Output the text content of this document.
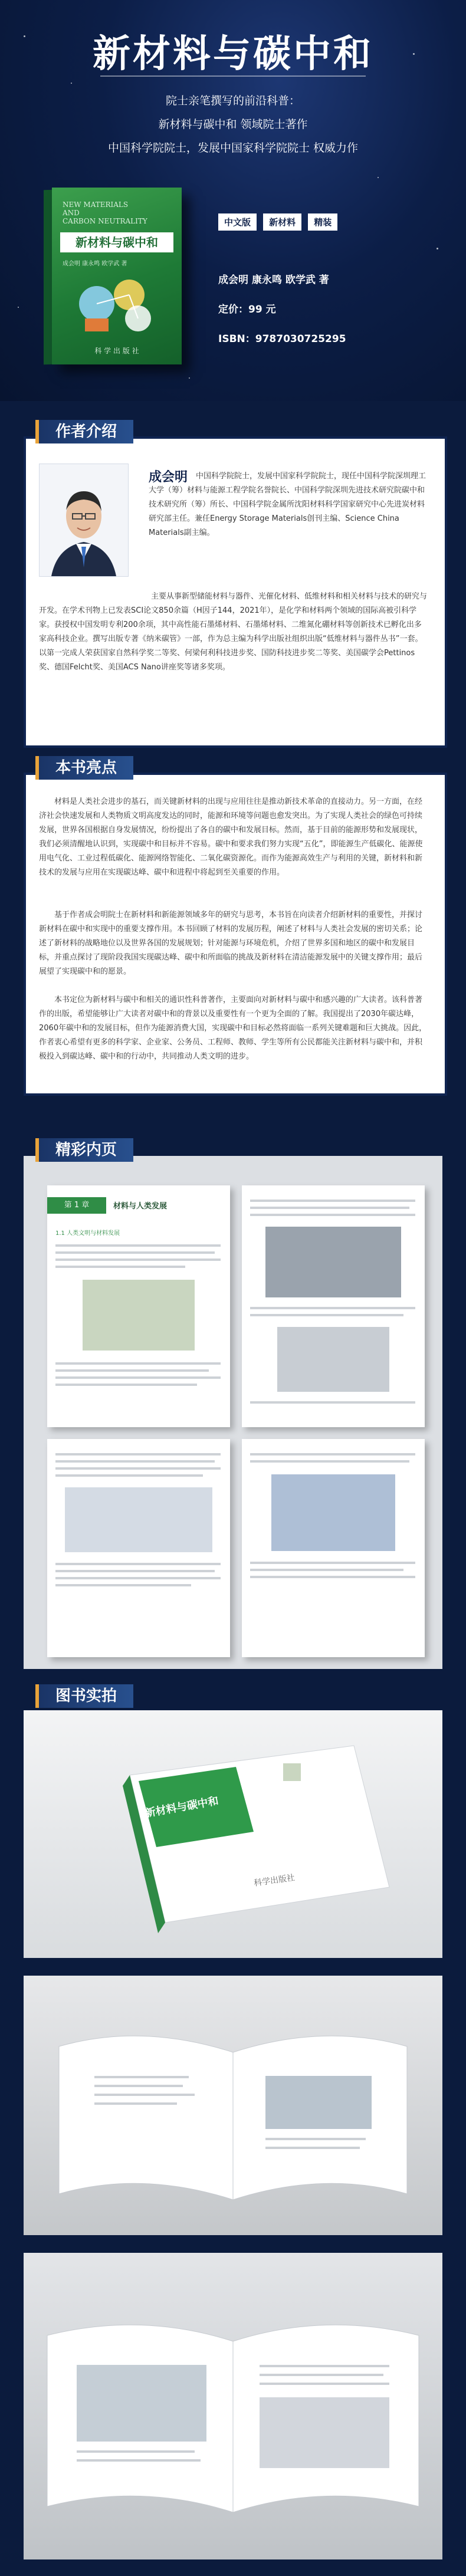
新材料与碳中和
院士亲笔撰写的前沿科普：
新材料与碳中和 领域院士著作
中国科学院院士，发展中国家科学院院士 权威力作
NEW MATERIALS
AND
CARBON NEUTRALITY
新材料与碳中和
成会明 康永鸣 欧学武 著
科 学 出 版 社
中文版 新材料 精装
成会明 康永鸣 欧学武 著
定价：99 元
ISBN：9787030725295
作者介绍
成会明	中国科学院院士，发展中国家科学院院士，现任中国科学院深圳理工大学（筹）材料与能源工程学院名誉院长、中国科学院深圳先进技术研究院碳中和技术研究所（筹）所长、中国科学院金属所沈阳材料科学国家研究中心先进炭材料研究部主任。兼任Energy Storage Materials创刊主编、Science China Materials副主编。
主要从事新型储能材料与器件、光催化材料、低维材料和相关材料与技术的研究与开发。在学术刊物上已发表SCI论文850余篇（H因子144，2021年），是化学和材料两个领域的国际高被引科学家。获授权中国发明专利200余项，其中高性能石墨烯材料、石墨烯材料、二维氮化硼材料等创新技术已孵化出多家高科技企业。撰写出版专著《纳米碳管》一部，作为总主编为科学出版社组织出版“低维材料与器件丛书”一套。以第一完成人荣获国家自然科学奖二等奖、何梁何利科技进步奖、国防科技进步奖二等奖、美国碳学会Pettinos奖、德国Felcht奖、美国ACS Nano讲座奖等诸多奖项。
本书亮点
材料是人类社会进步的基石，而关键新材料的出现与应用往往是推动新技术革命的直接动力。另一方面，在经济社会快速发展和人类物质文明高度发达的同时，能源和环境等问题也愈发突出。为了实现人类社会的绿色可持续发展，世界各国根据自身发展情况，纷纷提出了各自的碳中和发展目标。然而，基于目前的能源形势和发展现状，我们必须清醒地认识到，实现碳中和目标并不容易。碳中和要求我们努力实现“五化”，即能源生产低碳化、能源使用电气化、工业过程低碳化、能源网络智能化、二氧化碳资源化。而作为能源高效生产与利用的关键，新材料和新技术的发展与应用在实现碳达峰、碳中和进程中将起到至关重要的作用。
基于作者成会明院士在新材料和新能源领域多年的研究与思考，本书旨在向读者介绍新材料的重要性，并探讨新材料在碳中和实现中的重要支撑作用。本书回顾了材料的发展历程，阐述了材料与人类社会发展的密切关系；论述了新材料的战略地位以及世界各国的发展规划；针对能源与环境危机，介绍了世界多国和地区的碳中和发展目标，并重点探讨了现阶段我国实现碳达峰、碳中和所面临的挑战及新材料在清洁能源发展中的关键支撑作用；最后展望了实现碳中和的愿景。
本书定位为新材料与碳中和相关的通识性科普著作，主要面向对新材料与碳中和感兴趣的广大读者。该科普著作的出版，希望能够让广大读者对碳中和的背景以及重要性有一个更为全面的了解。我国提出了2030年碳达峰，2060年碳中和的发展目标，但作为能源消费大国，实现碳中和目标必然将面临一系列关键难题和巨大挑战。因此，作者衷心希望有更多的科学家、企业家、公务员、工程师、教师、学生等所有公民都能关注新材料与碳中和，并积极投入到碳达峰、碳中和的行动中，共同推动人类文明的进步。
精彩内页
第 1 章	材料与人类发展
1.1 人类文明与材料发展
图书实拍
新材料与碳中和
科学出版社
